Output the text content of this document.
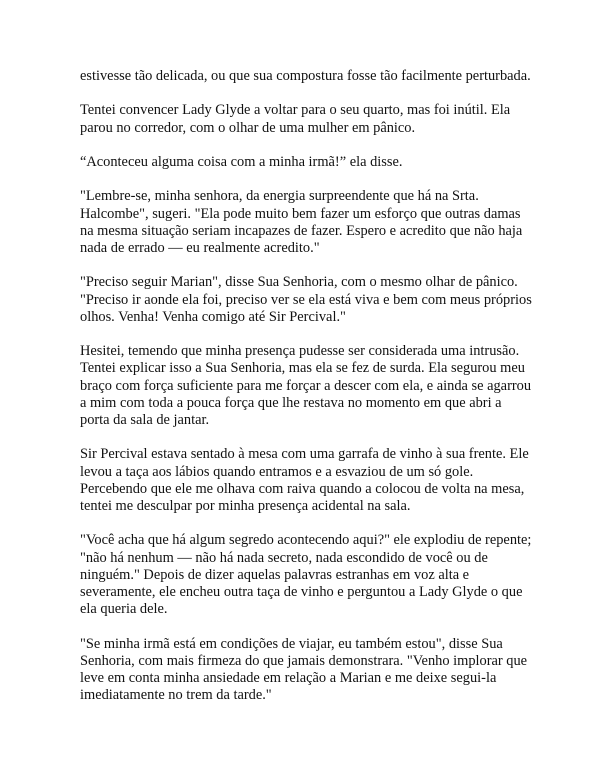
estivesse tão delicada, ou que sua compostura fosse tão facilmente perturbada.

Tentei convencer Lady Glyde a voltar para o seu quarto, mas foi inútil. Ela parou no corredor, com o olhar de uma mulher em pânico.

“Aconteceu alguma coisa com a minha irmã!” ela disse.

"Lembre-se, minha senhora, da energia surpreendente que há na Srta. Halcombe", sugeri. "Ela pode muito bem fazer um esforço que outras damas na mesma situação seriam incapazes de fazer. Espero e acredito que não haja nada de errado — eu realmente acredito."

"Preciso seguir Marian", disse Sua Senhoria, com o mesmo olhar de pânico. "Preciso ir aonde ela foi, preciso ver se ela está viva e bem com meus próprios olhos. Venha! Venha comigo até Sir Percival."

Hesitei, temendo que minha presença pudesse ser considerada uma intrusão. Tentei explicar isso a Sua Senhoria, mas ela se fez de surda. Ela segurou meu braço com força suficiente para me forçar a descer com ela, e ainda se agarrou a mim com toda a pouca força que lhe restava no momento em que abri a porta da sala de jantar.

Sir Percival estava sentado à mesa com uma garrafa de vinho à sua frente. Ele levou a taça aos lábios quando entramos e a esvaziou de um só gole. Percebendo que ele me olhava com raiva quando a colocou de volta na mesa, tentei me desculpar por minha presença acidental na sala.

"Você acha que há algum segredo acontecendo aqui?" ele explodiu de repente; "não há nenhum — não há nada secreto, nada escondido de você ou de ninguém." Depois de dizer aquelas palavras estranhas em voz alta e severamente, ele encheu outra taça de vinho e perguntou a Lady Glyde o que ela queria dele.

"Se minha irmã está em condições de viajar, eu também estou", disse Sua Senhoria, com mais firmeza do que jamais demonstrara. "Venho implorar que leve em conta minha ansiedade em relação a Marian e me deixe segui-la imediatamente no trem da tarde."
